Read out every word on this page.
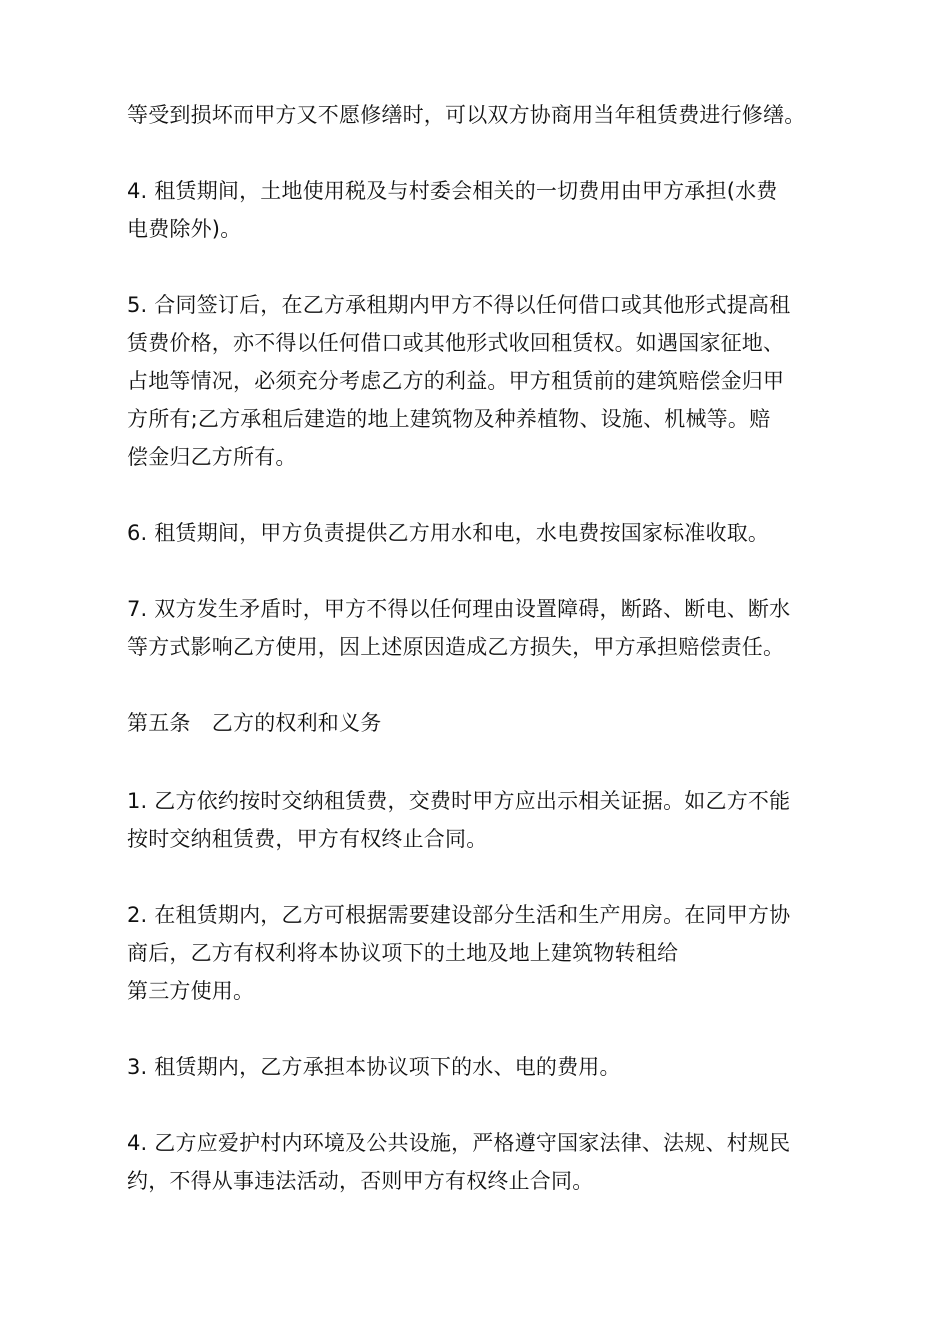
等受到损坏而甲方又不愿修缮时，可以双方协商用当年租赁费进行修缮。
4. 租赁期间，土地使用税及与村委会相关的一切费用由甲方承担(水费
电费除外)。
5. 合同签订后，在乙方承租期内甲方不得以任何借口或其他形式提高租
赁费价格，亦不得以任何借口或其他形式收回租赁权。如遇国家征地、
占地等情况，必须充分考虑乙方的利益。甲方租赁前的建筑赔偿金归甲
方所有;乙方承租后建造的地上建筑物及种养植物、设施、机械等。赔
偿金归乙方所有。
6. 租赁期间，甲方负责提供乙方用水和电，水电费按国家标准收取。
7. 双方发生矛盾时，甲方不得以任何理由设置障碍，断路、断电、断水
等方式影响乙方使用，因上述原因造成乙方损失，甲方承担赔偿责任。
第五条　乙方的权利和义务
1. 乙方依约按时交纳租赁费，交费时甲方应出示相关证据。如乙方不能
按时交纳租赁费，甲方有权终止合同。
2. 在租赁期内，乙方可根据需要建设部分生活和生产用房。在同甲方协
商后，乙方有权利将本协议项下的土地及地上建筑物转租给
第三方使用。
3. 租赁期内，乙方承担本协议项下的水、电的费用。
4. 乙方应爱护村内环境及公共设施，严格遵守国家法律、法规、村规民
约，不得从事违法活动，否则甲方有权终止合同。
